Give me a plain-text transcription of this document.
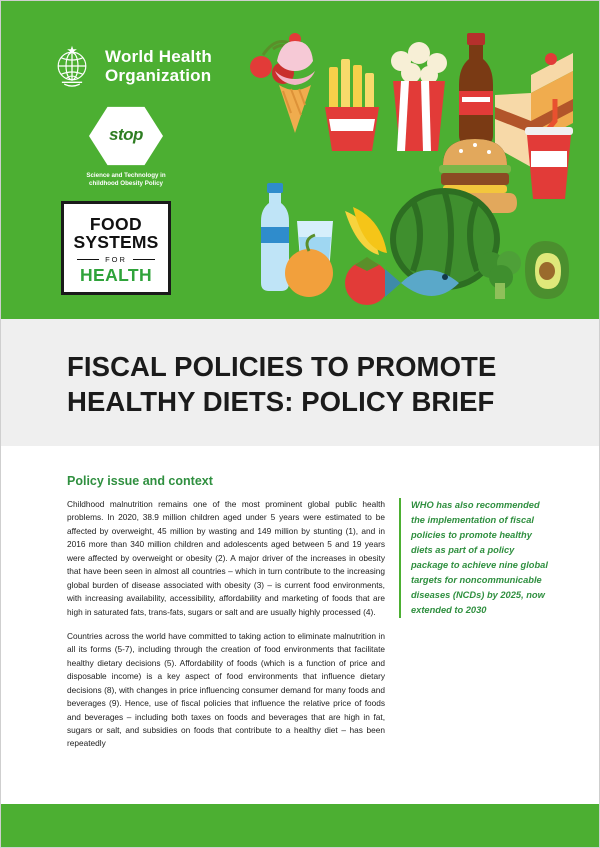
World Health
Organization
stop
Science and Technology in
childhood Obesity Policy
FOOD
SYSTEMS
FOR
HEALTH
FISCAL POLICIES TO PROMOTE HEALTHY DIETS: POLICY BRIEF
Policy issue and context

Childhood malnutrition remains one of the most prominent global public health problems. In 2020, 38.9 million children aged under 5 years were estimated to be affected by overweight, 45 million by wasting and 149 million by stunting (1), and in 2016 more than 340 million children and adolescents aged between 5 and 19 years were affected by overweight or obesity (2). A major driver of the increases in obesity that have been seen in almost all countries – which in turn contribute to the increasing global burden of disease associated with obesity (3) – is current food environments, with increasing availability, accessibility, affordability and marketing of foods that are high in saturated fats, trans-fats, sugars or salt and are usually highly processed (4).

Countries across the world have committed to taking action to eliminate malnutrition in all its forms (5-7), including through the creation of food environments that facilitate healthy dietary decisions (5). Affordability of foods (which is a function of price and disposable income) is a key aspect of food environments that influence dietary decisions (8), with changes in price influencing consumer demand for many foods and beverages (9). Hence, use of fiscal policies that influence the relative price of foods and beverages – including both taxes on foods and beverages that are high in fat, sugars or salt, and subsidies on foods that contribute to a healthy diet – has been repeatedly

WHO has also recommended the implementation of fiscal policies to promote healthy diets as part of a policy package to achieve nine global targets for noncommunicable diseases (NCDs) by 2025, now extended to 2030
